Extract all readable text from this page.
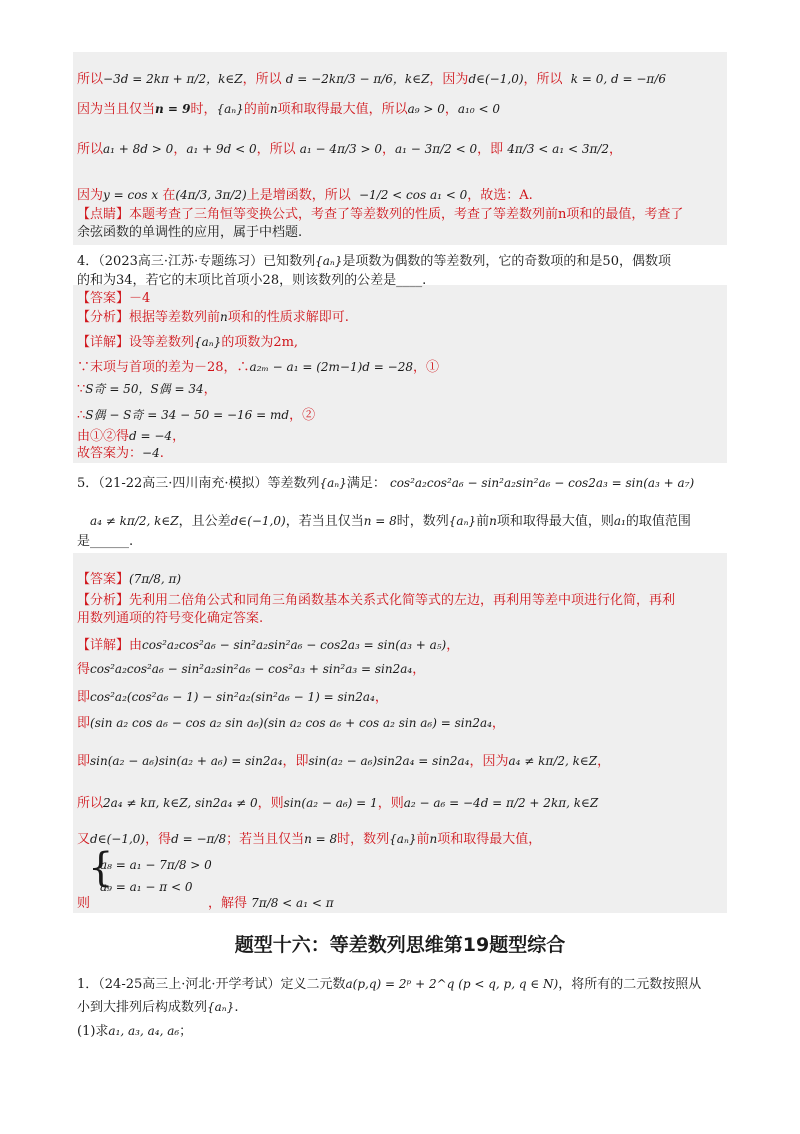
所以−3d = 2kπ + π/2，k∈Z，所以 d = −2kπ/3 − π/6，k∈Z，因为d∈(−1,0)，所以 k = 0, d = −π/6
因为当且仅当n = 9时，{aₙ}的前n项和取得最大值，所以a₉ > 0，a₁₀ < 0
所以a₁ + 8d > 0，a₁ + 9d < 0，所以 a₁ − 4π/3 > 0，a₁ − 3π/2 < 0，即 4π/3 < a₁ < 3π/2，
因为y = cos x 在(4π/3, 3π/2)上是增函数，所以 −1/2 < cos a₁ < 0，故选：A.
【点睛】本题考查了三角恒等变换公式，考查了等差数列的性质，考查了等差数列前n项和的最值，考查了
余弦函数的单调性的应用，属于中档题.
4．（2023高三·江苏·专题练习）已知数列{aₙ}是项数为偶数的等差数列，它的奇数项的和是50，偶数项
的和为34，若它的末项比首项小28，则该数列的公差是____.
【答案】－4
【分析】根据等差数列前n项和的性质求解即可.
【详解】设等差数列{aₙ}的项数为2m,
∵末项与首项的差为－28，∴a₂ₘ − a₁ = (2m−1)d = −28，①
∵S奇 = 50，S偶 = 34，
∴S偶 − S奇 = 34 − 50 = −16 = md，②
由①②得d = −4，
故答案为：−4.
5．（21-22高三·四川南充·模拟）等差数列{aₙ}满足： cos²a₂cos²a₆ − sin²a₂sin²a₆ − cos2a₃ = sin(a₃ + a₇)
a₄ ≠ kπ/2, k∈Z，且公差d∈(−1,0)，若当且仅当n = 8时，数列{aₙ}前n项和取得最大值，则a₁的取值范围
是______.
【答案】(7π/8, π)
【分析】先利用二倍角公式和同角三角函数基本关系式化简等式的左边，再利用等差中项进行化简，再利
用数列通项的符号变化确定答案.
【详解】由cos²a₂cos²a₆ − sin²a₂sin²a₆ − cos2a₃ = sin(a₃ + a₅)，
得cos²a₂cos²a₆ − sin²a₂sin²a₆ − cos²a₃ + sin²a₃ = sin2a₄，
即cos²a₂(cos²a₆ − 1) − sin²a₂(sin²a₆ − 1) = sin2a₄，
即(sin a₂ cos a₆ − cos a₂ sin a₆)(sin a₂ cos a₆ + cos a₂ sin a₆) = sin2a₄，
即sin(a₂ − a₆)sin(a₂ + a₆) = sin2a₄，即sin(a₂ − a₆)sin2a₄ = sin2a₄，因为a₄ ≠ kπ/2, k∈Z，
所以2a₄ ≠ kπ, k∈Z, sin2a₄ ≠ 0，则sin(a₂ − a₆) = 1，则a₂ − a₆ = −4d = π/2 + 2kπ, k∈Z
又d∈(−1,0)，得d = −π/8；若当且仅当n = 8时，数列{aₙ}前n项和取得最大值，
{
a₈ = a₁ − 7π/8 > 0
a₉ = a₁ − π < 0
则	，解得 7π/8 < a₁ < π
题型十六：等差数列思维第19题型综合
1．（24-25高三上·河北·开学考试）定义二元数a(p,q) = 2ᵖ + 2^q (p < q, p, q ∈ N)，将所有的二元数按照从
小到大排列后构成数列{aₙ}.
(1)求a₁, a₃, a₄, a₆；
